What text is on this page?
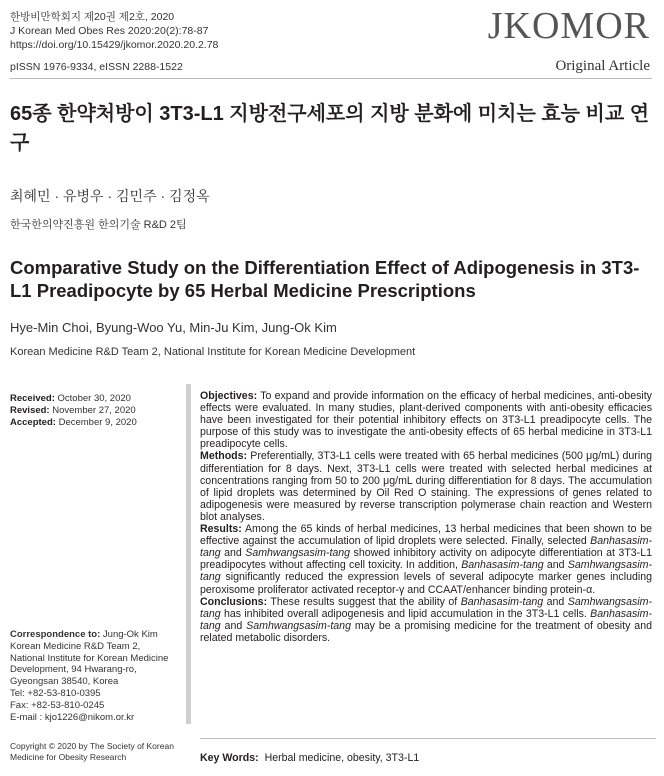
한방비만학회지 제20권 제2호, 2020
J Korean Med Obes Res 2020:20(2):78-87
https://doi.org/10.15429/jkomor.2020.20.2.78
pISSN 1976-9334, eISSN 2288-1522
JKOMOR
Original Article
65종 한약처방이 3T3-L1 지방전구세포의 지방 분화에 미치는 효능 비교 연구
최혜민 · 유병우 · 김민주 · 김정옥
한국한의약진흥원 한의기술 R&D 2팀
Comparative Study on the Differentiation Effect of Adipogenesis in 3T3-L1 Preadipocyte by 65 Herbal Medicine Prescriptions
Hye-Min Choi, Byung-Woo Yu, Min-Ju Kim, Jung-Ok Kim
Korean Medicine R&D Team 2, National Institute for Korean Medicine Development
Received: October 30, 2020
Revised: November 27, 2020
Accepted: December 9, 2020
Correspondence to: Jung-Ok Kim
Korean Medicine R&D Team 2,
National Institute for Korean Medicine
Development, 94 Hwarang-ro,
Gyeongsan 38540, Korea
Tel: +82-53-810-0395
Fax: +82-53-810-0245
E-mail : kjo1226@nikom.or.kr
Copyright © 2020 by The Society of Korean
Medicine for Obesity Research

Objectives: To expand and provide information on the efficacy of herbal medicines, anti-obesity effects were evaluated. In many studies, plant-derived components with anti-obesity efficacies have been investigated for their potential inhibitory effects on 3T3-L1 preadipocyte cells. The purpose of this study was to investigate the anti-obesity effects of 65 herbal medicine in 3T3-L1 preadipocyte cells.

Methods: Preferentially, 3T3-L1 cells were treated with 65 herbal medicines (500 μg/mL) during differentiation for 8 days. Next, 3T3-L1 cells were treated with selected herbal medicines at concentrations ranging from 50 to 200 μg/mL during differentiation for 8 days. The accumulation of lipid droplets was determined by Oil Red O staining. The expressions of genes related to adipogenesis were measured by reverse transcription polymerase chain reaction and Western blot analyses.

Results: Among the 65 kinds of herbal medicines, 13 herbal medicines that been shown to be effective against the accumulation of lipid droplets were selected. Finally, selected Banhasasim-tang and Samhwangsasim-tang showed inhibitory activity on adipocyte differentiation at 3T3-L1 preadipocytes without affecting cell toxicity. In addition, Banhasasim-tang and Samhwangsasim-tang significantly reduced the expression levels of several adipocyte marker genes including peroxisome proliferator activated receptor-γ and CCAAT/enhancer binding protein-α.

Conclusions: These results suggest that the ability of Banhasasim-tang and Samhwangsasim-tang has inhibited overall adipogenesis and lipid accumulation in the 3T3-L1 cells. Banhasasim-tang and Samhwangsasim-tang may be a promising medicine for the treatment of obesity and related metabolic disorders.

Key Words: Herbal medicine, obesity, 3T3-L1
